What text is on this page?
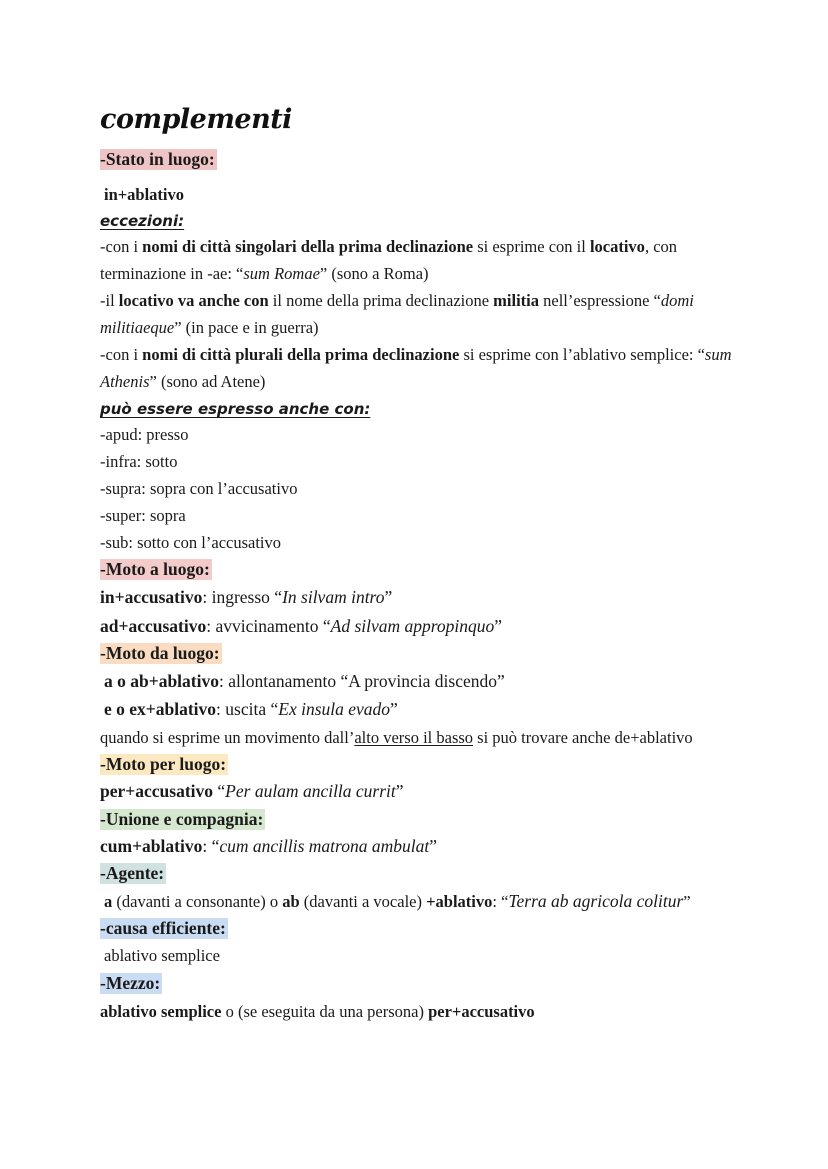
complementi
-Stato in luogo:
in+ablativo
eccezioni:
-con i nomi di città singolari della prima declinazione si esprime con il locativo, con
terminazione in -ae: “sum Romae” (sono a Roma)
-il locativo va anche con il nome della prima declinazione militia nell’espressione “domi
militiaeque” (in pace e in guerra)
-con i nomi di città plurali della prima declinazione si esprime con l’ablativo semplice: “sum
Athenis” (sono ad Atene)
può essere espresso anche con:
-apud: presso
-infra: sotto
-supra: sopra con l’accusativo
-super: sopra
-sub: sotto con l’accusativo
-Moto a luogo:
in+accusativo: ingresso “In silvam intro”
ad+accusativo: avvicinamento “Ad silvam appropinquo”
-Moto da luogo:
a o ab+ablativo: allontanamento “A provincia discendo”
e o ex+ablativo: uscita “Ex insula evado”
quando si esprime un movimento dall’alto verso il basso si può trovare anche de+ablativo
-Moto per luogo:
per+accusativo “Per aulam ancilla currit”
-Unione e compagnia:
cum+ablativo: “cum ancillis matrona ambulat”
-Agente:
a (davanti a consonante) o ab (davanti a vocale) +ablativo: “Terra ab agricola colitur”
-causa efficiente:
ablativo semplice
-Mezzo:
ablativo semplice o (se eseguita da una persona) per+accusativo
